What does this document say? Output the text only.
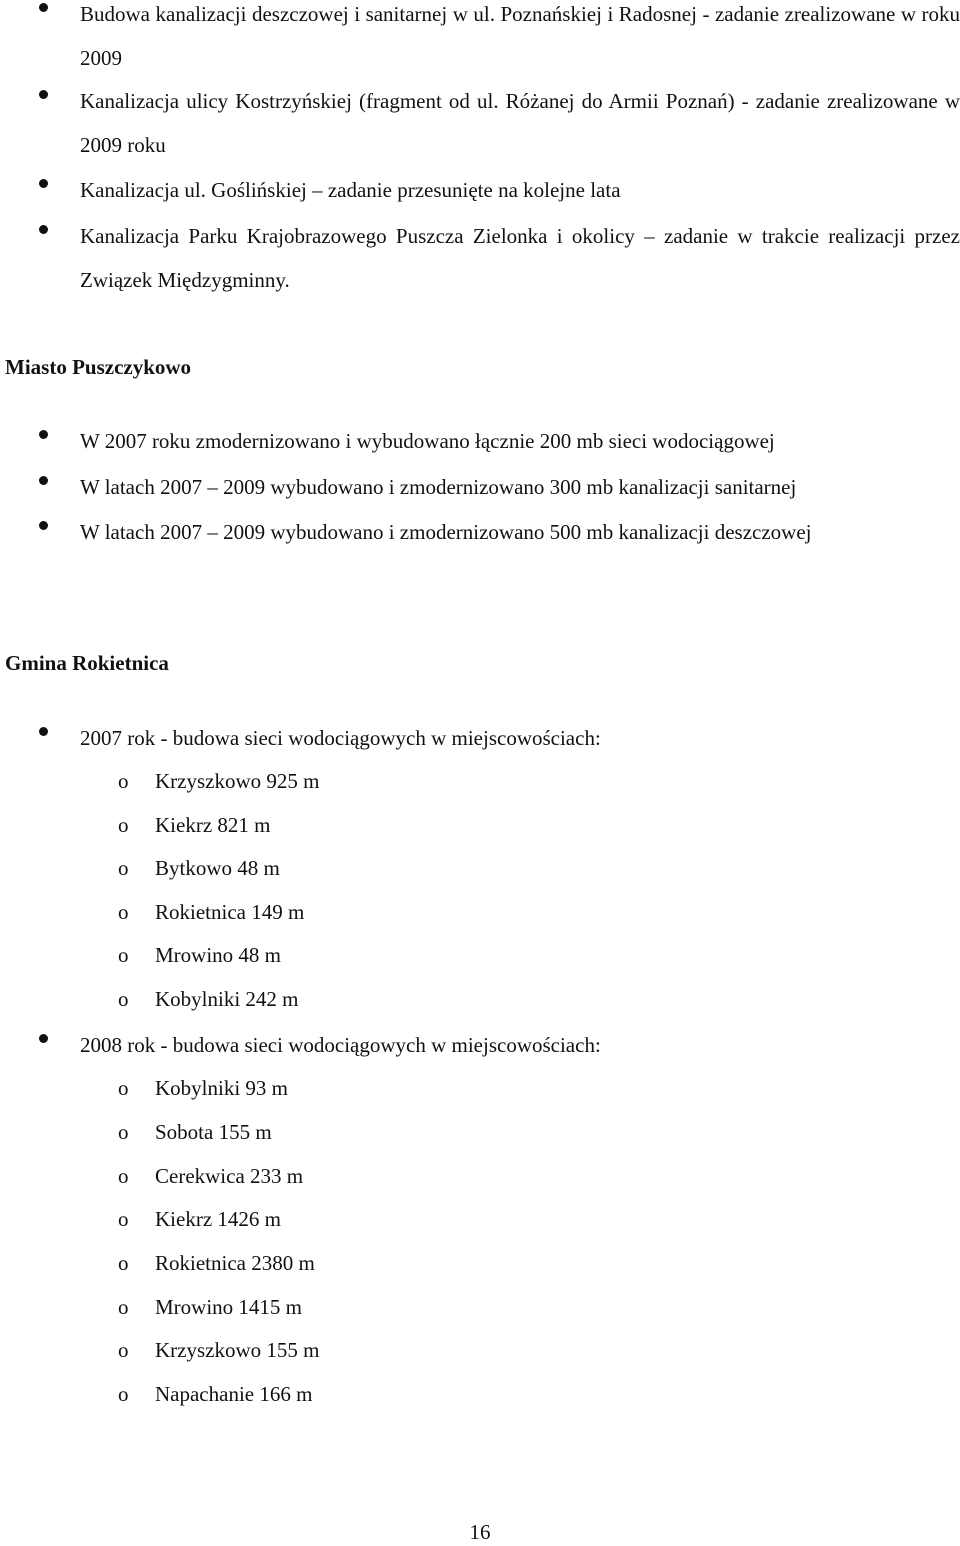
Budowa kanalizacji deszczowej i sanitarnej w ul. Poznańskiej i Radosnej - zadanie zrealizowane w roku 2009
Kanalizacja ulicy Kostrzyńskiej (fragment od ul. Różanej do Armii Poznań) - zadanie zrealizowane w 2009 roku
Kanalizacja ul. Goślińskiej – zadanie przesunięte na kolejne lata
Kanalizacja Parku Krajobrazowego Puszcza Zielonka i okolicy – zadanie w trakcie realizacji przez Związek Międzygminny.
Miasto Puszczykowo
W 2007 roku zmodernizowano i wybudowano łącznie 200 mb sieci wodociągowej
W latach 2007 – 2009 wybudowano i zmodernizowano 300 mb kanalizacji sanitarnej
W latach 2007 – 2009 wybudowano i zmodernizowano 500 mb kanalizacji deszczowej
Gmina Rokietnica
2007 rok - budowa sieci wodociągowych w miejscowościach:
o Krzyszkowo 925 m
o Kiekrz 821 m
o Bytkowo 48 m
o Rokietnica 149 m
o Mrowino 48 m
o Kobylniki 242 m
2008 rok - budowa sieci wodociągowych w miejscowościach:
o Kobylniki 93 m
o Sobota 155 m
o Cerekwica 233 m
o Kiekrz 1426 m
o Rokietnica 2380 m
o Mrowino 1415 m
o Krzyszkowo 155 m
o Napachanie 166 m
16
